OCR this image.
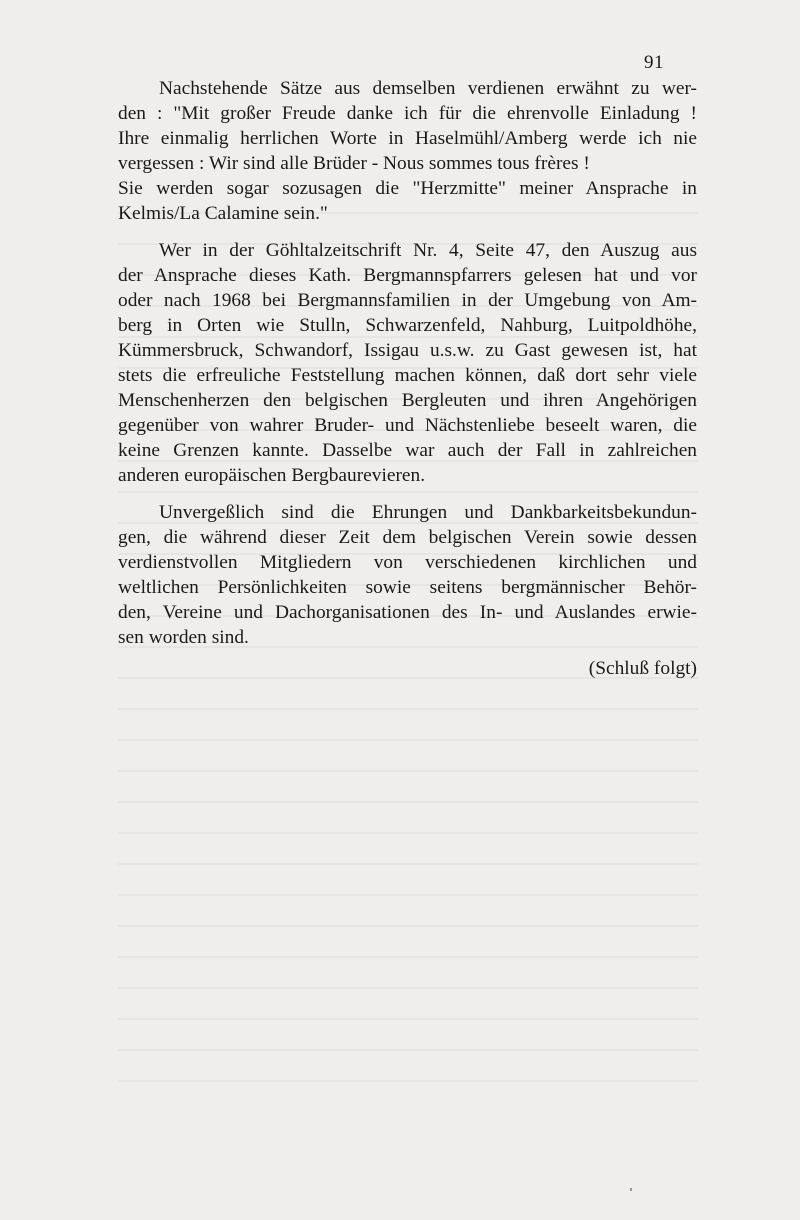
91
Nachstehende Sätze aus demselben verdienen erwähnt zu wer-
den : "Mit großer Freude danke ich für die ehrenvolle Einladung !
Ihre einmalig herrlichen Worte in Haselmühl/Amberg werde ich nie
vergessen : Wir sind alle Brüder - Nous sommes tous frères !
Sie werden sogar sozusagen die "Herzmitte" meiner Ansprache in
Kelmis/La Calamine sein."
Wer in der Göhltalzeitschrift Nr. 4, Seite 47, den Auszug aus
der Ansprache dieses Kath. Bergmannspfarrers gelesen hat und vor
oder nach 1968 bei Bergmannsfamilien in der Umgebung von Am-
berg in Orten wie Stulln, Schwarzenfeld, Nahburg, Luitpoldhöhe,
Kümmersbruck, Schwandorf, Issigau u.s.w. zu Gast gewesen ist, hat
stets die erfreuliche Feststellung machen können, daß dort sehr viele
Menschenherzen den belgischen Bergleuten und ihren Angehörigen
gegenüber von wahrer Bruder- und Nächstenliebe beseelt waren, die
keine Grenzen kannte. Dasselbe war auch der Fall in zahlreichen
anderen europäischen Bergbaurevieren.
Unvergeßlich sind die Ehrungen und Dankbarkeitsbekundun-
gen, die während dieser Zeit dem belgischen Verein sowie dessen
verdienstvollen Mitgliedern von verschiedenen kirchlichen und
weltlichen Persönlichkeiten sowie seitens bergmännischer Behör-
den, Vereine und Dachorganisationen des In- und Auslandes erwie-
sen worden sind.
(Schluß folgt)
